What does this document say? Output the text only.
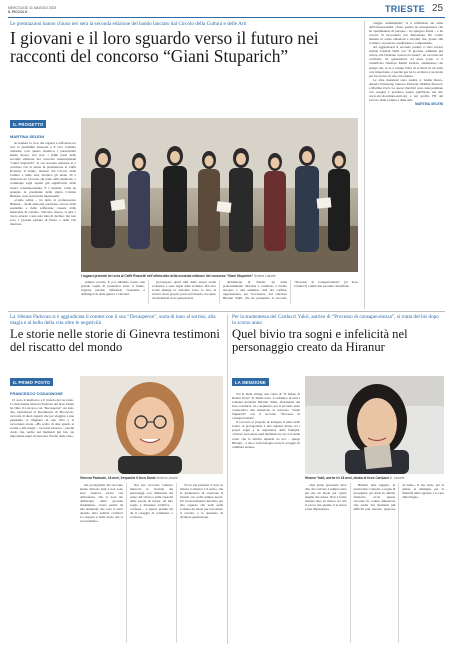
MERCOLEDÌ 31 MAGGIO 2023
IL PICCOLO	TRIESTE 25
Le premiazioni hanno chiuso ieri sera la seconda edizione del bando lanciato dal Circolo della Cultura e delle Arti
I giovani e il loro sguardo verso il futuro nei racconti del concorso “Giani Stuparich”
IL PROGETTO
MARTINA SELENI

Accendere la voce dei ragazzi e rafforzare tra loro la sensibilità letteraria e il vivo scambio culturale. Con questo obiettivo, i partecipanti hanno mosso, ieri sera, i primi passi della seconda edizione del concorso internazionale “Giani Stuparich”, la cui seconda edizione si è conclusa con la serata di premiazione al Caffè Rossetti. Il bando, lanciato dal Circolo della Cultura e delle Arti, invitava gli under 30 a elaborare un racconto sul tema della memoria, o comunque sugli aspetti più significativi della nostra contemporaneità. E i risultati, come ha spiegato la presidente della giuria Cristina Benussi, sono stati molto interessanti.

«Come ormai – ha detto la professoressa Benussi – molti elaborati parlavano ancora della pandemia e delle sofferenze causate dalla mancanza di contatto. Stavolta, invece, si gira a vuoto attorno a una sola idea di declino: ma non solo. I giovani parlano di futuro e della vita interiore.

I ragazzi premiati ieri sera al Caffè Rossetti nell'ultimo atto della seconda edizione del concorso “Giani Stuparich” Andrea Lasorte

sempre accolte. E poi abbiamo notato una grande voglia di proiettarsi verso il futuro, sognare persino rifiutando l'esistente e dall'angoscia della guerra. I vincitori

provengono quasi tutti dalla stessa realtà scolastica e sono legati dalla scrittura. Dai loro scritti emerge la curiosità verso la vita, la ricerca di un proprio posto nel mondo, un senso di solidarietà tra le generazioni.

all'edizione di Trieste: un tema profondamente rilevante e condiviso a livello europeo e una semplice città del confine, rappresentata, per l'occasione, dal vincitore Hiranur Yakii, che ha presentato il racconto “Processo di consapevolezza” (al liceo Carducci) e dalle due seconde classificate.

viaggio sentimentale” si è soffermata sul tema dell'omosessualità. «Sono partita da un'esperienza che ho sperimentato di persona – ha spiegato Parisi – e ho cercato di raccontarla con delicatezza. Ho voluto mettere in scena emozioni e incontri che, grazie alla scrittura, si possono condividere e comprendere.

Ad aggiudicarsi il secondo premio è stato invece Adrian Cristian Surbi con “Il giovane cammina più veloce, ma l'anziano conosce la strada”, un racconto sul confronto tra generazioni. Al terzo posto si è classificata Ghofran Khalil Gebran, studentessa che spiega che, se le è venuta l'idea di scrivere di un tema così importante, è perché per lei la scrittura è un modo per far uscire ciò che si ha dentro.

Le altre menzioni sono andate a: Giulia Rusco, Alessia Tomasetig, Ginevra Padovan, Matilde Sinovcic e Martina Zoch. Le opere vincitrici sono state premiate con assegni e potranno essere pubblicate sul sito www.circolocultura-earti.org e sul profilo FB del Circolo della Cultura e delle Arti.

MARTINA SELENI

La 18enne Padovan si è aggiudicata il contest con il suo “Decasperon”, sorta di inno al sorriso, alla magia e al bello della vita oltre le negatività
Le storie nelle storie di Ginevra testimoni del riscatto del mondo
IL PRIMO POSTO
FRANCESCO CODAGNONE
Ginevra Padovan, 18 anni, frequenta il liceo Dante Andrea Lasorte

Ci sono il medioevo e il mondo del racconto. La diciottenne Ginevra Padovan del liceo Dante ha vinto il concorso con “Decasperon”, un testo che, ispirandosi al Decameron di Boccaccio, racconta di dieci ragazzi che per sfuggire a una pandemia si rifugiano in una villa e si raccontano storie. «Ho scelto di dare spazio ai sorrisi e alla magia – racconta Ginevra – perché credo che, anche nei momenti più bui, sia importante saper riconoscere il bello della vita».

Gli protagonisti del racconto hanno diciotto anni e non sono eroi: Ginevra scrive con delicatezza, che si nota sin dall'incipit della giovane studentessa. «Sono partita da una domanda: che cosa ci salva quando tutto sembra crollare? La risposta è nelle storie che ci raccontiamo».

Nel suo racconto, Ginevra intreccia le vicende dei personaggi con riflessioni sul senso del vivere e sulla capacità delle parole di curare. «Il mio sogno è diventare scrittrice – confessa – e questo premio mi dà il coraggio di continuare a scrivere».

Tra le sue passioni ci sono la lettura, la musica e il teatro, che le permettono di osservare il mondo con occhi sempre nuovi. Un riconoscimento meritato per una ragazza che vede nella scrittura un modo per raccontare il riscatto e la speranza di un'intera generazione.

Per la studentessa del Carducci Yakii, autrice di “Processo di consapevolezza”, si tratta del bis dopo lo scorso anno
Quel bivio tra sogni e infelicità nel personaggio creato da Hiranur
LA MENZIONE

Tra le mani stringe una copia di “Il tempo di Robert Frost” di Emile Zola. L'archetipo di tutti i romanzi moderni. Hiranur Yakii, diciottenne del liceo Carducci, ha conquistato per il secondo anno consecutivo una menzione al concorso “Giani Stuparich” con il racconto “Processo di consapevolezza”.

Il racconto si propone di indagare il tema della scelta: la protagonista è una ragazza divisa tra i propri sogni e le aspettative della famiglia. «Volevo raccontare quel momento in cui ci si rende conto che la felicità dipende da noi – spiega Hiranur – e che a volte bisogna avere il coraggio di cambiare strada».

Hiranur Yakii, anche lei 18 anni, studia al liceo Carducci A. Lasorte

«Sul piano personale devo dire che scrivere è sempre stato per me un modo per capire meglio me stessa. Non è facile mettere nero su bianco ciò che si prova, ma quando ci si riesce è una liberazione».

Hiranur ama leggere, in particolare i classici, e sogna di proseguire gli studi in ambito letterario. «Con questo racconto ho voluto dimostrare che anche dai momenti più difficili può nascere qualcosa di bello». Il suo testo, per la giuria, si distingue per la maturità dello sguardo e la cura della lingua.
